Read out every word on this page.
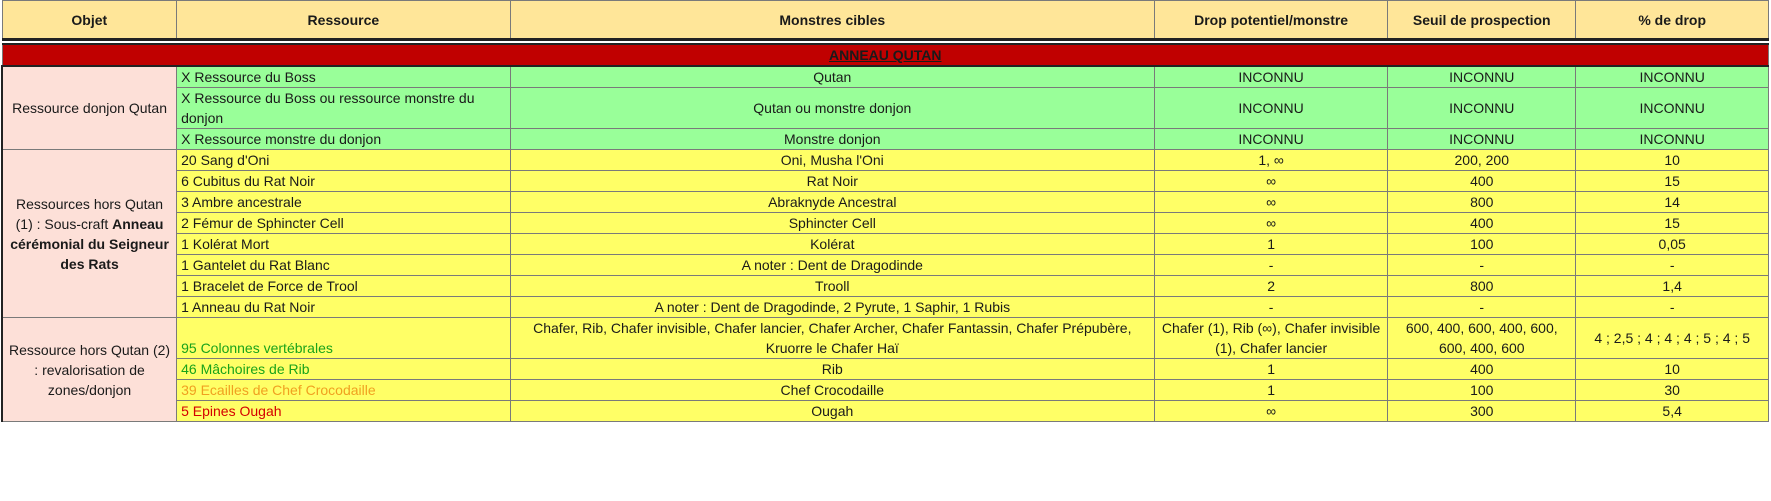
Objet	Ressource	Monstres cibles	Drop potentiel/monstre	Seuil de prospection	% de drop

ANNEAU QUTAN					
Ressource donjon Qutan	X Ressource du Boss	Qutan	INCONNU	INCONNU	INCONNU
	X Ressource du Boss ou ressource monstre du donjon	Qutan ou monstre donjon	INCONNU	INCONNU	INCONNU
	X Ressource monstre du donjon	Monstre donjon	INCONNU	INCONNU	INCONNU
Ressources hors Qutan (1) : Sous-craft Anneau cérémonial du Seigneur des Rats	20 Sang d'Oni	Oni, Musha l'Oni	1, ∞	200, 200	10
	6 Cubitus du Rat Noir	Rat Noir	∞	400	15
	3 Ambre ancestrale	Abraknyde Ancestral	∞	800	14
	2 Fémur de Sphincter Cell	Sphincter Cell	∞	400	15
	1 Kolérat Mort	Kolérat	1	100	0,05
	1 Gantelet du Rat Blanc	A noter : Dent de Dragodinde	-	-	-
	1 Bracelet de Force de Trool	Trooll	2	800	1,4
	1 Anneau du Rat Noir	A noter : Dent de Dragodinde, 2 Pyrute, 1 Saphir, 1 Rubis	-	-	-
Ressource hors Qutan (2) : revalorisation de zones/donjon	95 Colonnes vertébrales	Chafer, Rib, Chafer invisible, Chafer lancier, Chafer Archer, Chafer Fantassin, Chafer Prépubère, Kruorre le Chafer Haï	Chafer (1), Rib (∞), Chafer invisible (1), Chafer lancier	600, 400, 600, 400, 600, 600, 400, 600	4 ; 2,5 ; 4 ; 4 ; 4 ; 5 ; 4 ; 5
	46 Mâchoires de Rib	Rib	1	400	10
	39 Ecailles de Chef Crocodaille	Chef Crocodaille	1	100	30
	5 Epines Ougah	Ougah	∞	300	5,4
